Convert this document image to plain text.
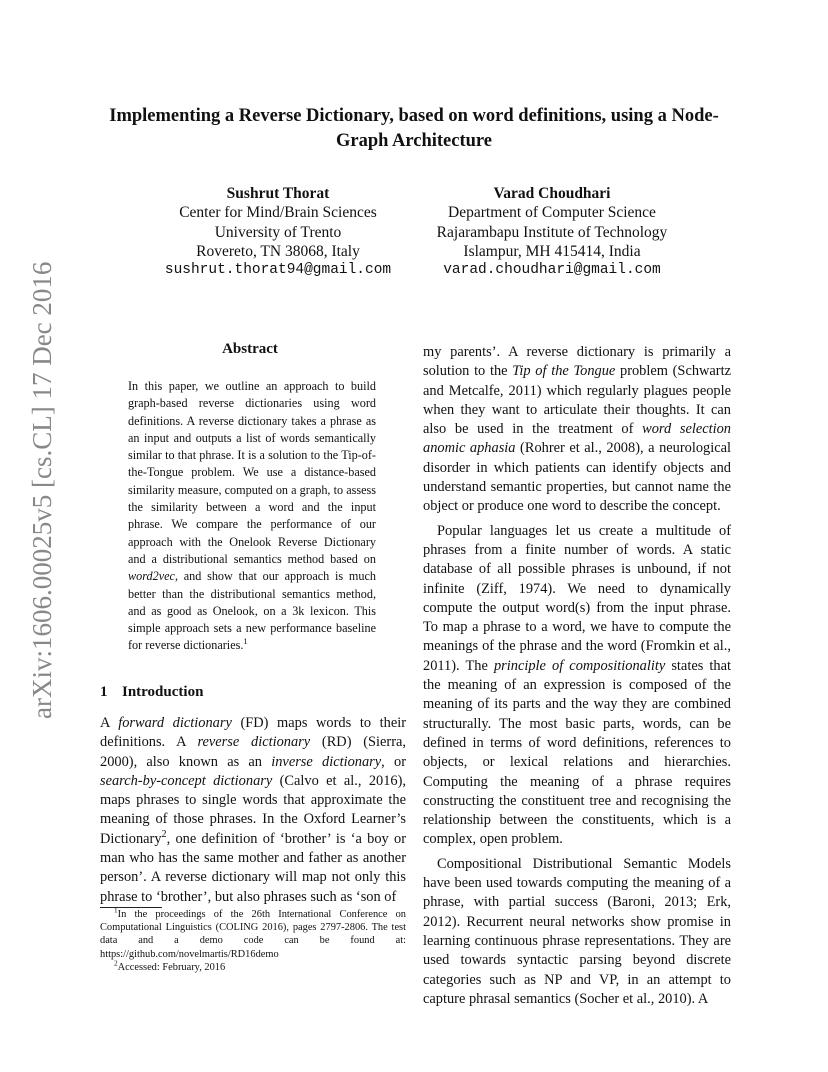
arXiv:1606.00025v5 [cs.CL] 17 Dec 2016
Implementing a Reverse Dictionary, based on word definitions, using a Node-Graph Architecture
Sushrut Thorat
Center for Mind/Brain Sciences
University of Trento
Rovereto, TN 38068, Italy
sushrut.thorat94@gmail.com
Varad Choudhari
Department of Computer Science
Rajarambapu Institute of Technology
Islampur, MH 415414, India
varad.choudhari@gmail.com
Abstract
In this paper, we outline an approach to build graph-based reverse dictionaries using word definitions. A reverse dictionary takes a phrase as an input and outputs a list of words semantically similar to that phrase. It is a solution to the Tip-of-the-Tongue problem. We use a distance-based similarity measure, computed on a graph, to assess the similarity between a word and the input phrase. We compare the performance of our approach with the Onelook Reverse Dictionary and a distributional semantics method based on word2vec, and show that our approach is much better than the distributional semantics method, and as good as Onelook, on a 3k lexicon. This simple approach sets a new performance baseline for reverse dictionaries.$^1$
1 Introduction
A forward dictionary (FD) maps words to their definitions. A reverse dictionary (RD) (Sierra, 2000), also known as an inverse dictionary, or search-by-concept dictionary (Calvo et al., 2016), maps phrases to single words that approximate the meaning of those phrases. In the Oxford Learner’s Dictionary$^2$, one definition of ‘brother’ is ‘a boy or man who has the same mother and father as another person’. A reverse dictionary will map not only this phrase to ‘brother’, but also phrases such as ‘son of

my parents’. A reverse dictionary is primarily a solution to the Tip of the Tongue problem (Schwartz and Metcalfe, 2011) which regularly plagues people when they want to articulate their thoughts. It can also be used in the treatment of word selection anomic aphasia (Rohrer et al., 2008), a neurological disorder in which patients can identify objects and understand semantic properties, but cannot name the object or produce one word to describe the concept.

Popular languages let us create a multitude of phrases from a finite number of words. A static database of all possible phrases is unbound, if not infinite (Ziff, 1974). We need to dynamically compute the output word(s) from the input phrase. To map a phrase to a word, we have to compute the meanings of the phrase and the word (Fromkin et al., 2011). The principle of compositionality states that the meaning of an expression is composed of the meaning of its parts and the way they are combined structurally. The most basic parts, words, can be defined in terms of word definitions, references to objects, or lexical relations and hierarchies. Computing the meaning of a phrase requires constructing the constituent tree and recognising the relationship between the constituents, which is a complex, open problem.

Compositional Distributional Semantic Models have been used towards computing the meaning of a phrase, with partial success (Baroni, 2013; Erk, 2012). Recurrent neural networks show promise in learning continuous phrase representations. They are used towards syntactic parsing beyond discrete categories such as NP and VP, in an attempt to capture phrasal semantics (Socher et al., 2010). A

$^1$In the proceedings of the 26th International Conference on Computational Linguistics (COLING 2016), pages 2797-2806. The test data and a demo code can be found at: https://github.com/novelmartis/RD16demo
$^2$Accessed: February, 2016
